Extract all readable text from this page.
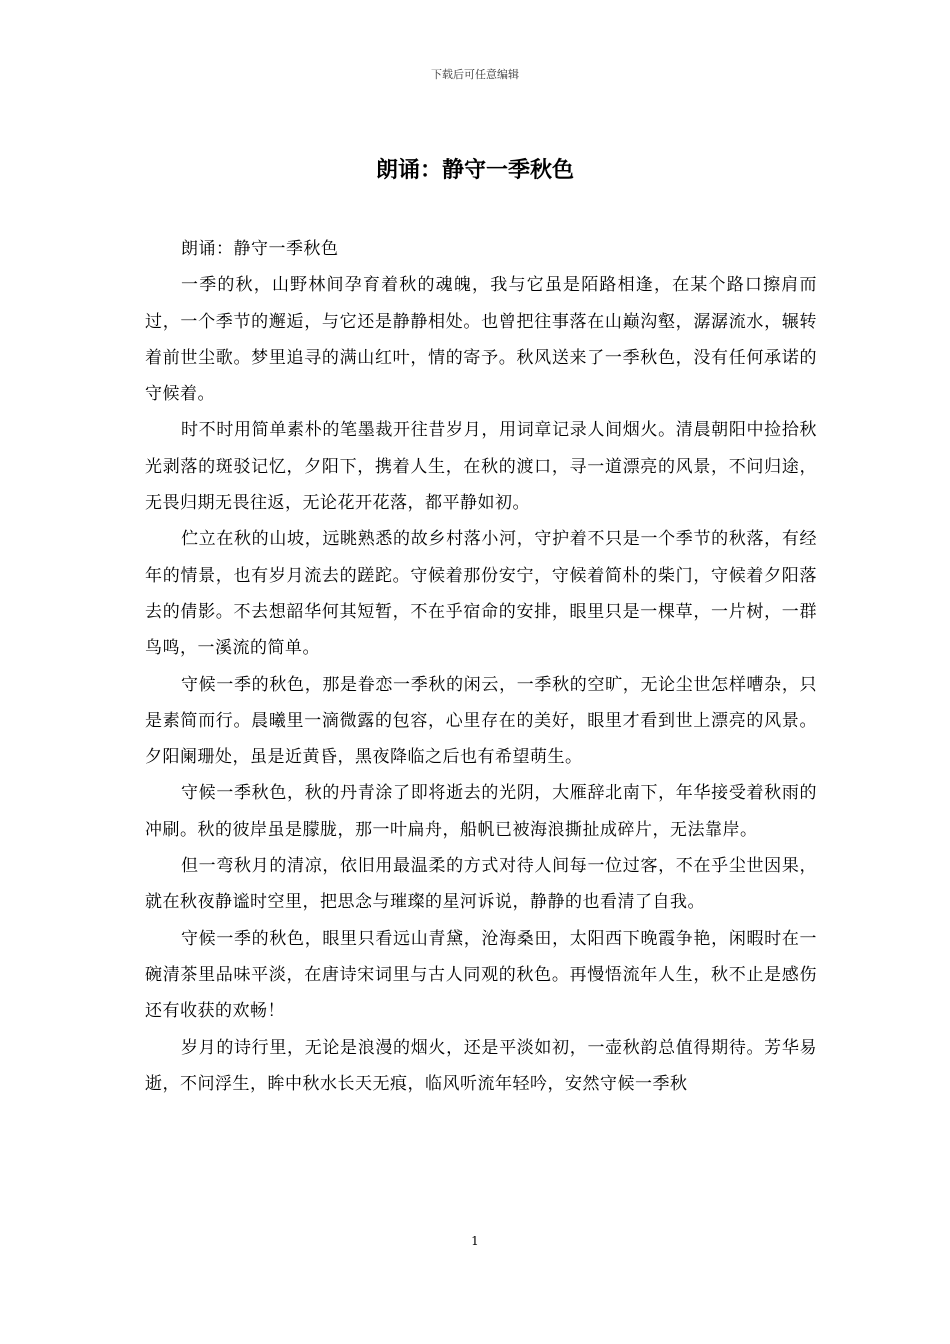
下载后可任意编辑
朗诵：静守一季秋色

朗诵：静守一季秋色

一季的秋，山野林间孕育着秋的魂魄，我与它虽是陌路相逢，在某个路口擦肩而过，一个季节的邂逅，与它还是静静相处。也曾把往事落在山巅沟壑，潺潺流水，辗转着前世尘歌。梦里追寻的满山红叶，情的寄予。秋风送来了一季秋色，没有任何承诺的守候着。

时不时用简单素朴的笔墨裁开往昔岁月，用词章记录人间烟火。清晨朝阳中捡拾秋光剥落的斑驳记忆，夕阳下，携着人生，在秋的渡口，寻一道漂亮的风景，不问归途，无畏归期无畏往返，无论花开花落，都平静如初。

伫立在秋的山坡，远眺熟悉的故乡村落小河，守护着不只是一个季节的秋落，有经年的情景，也有岁月流去的蹉跎。守候着那份安宁，守候着简朴的柴门，守候着夕阳落去的倩影。不去想韶华何其短暂，不在乎宿命的安排，眼里只是一棵草，一片树，一群鸟鸣，一溪流的简单。

守候一季的秋色，那是眷恋一季秋的闲云，一季秋的空旷，无论尘世怎样嘈杂，只是素简而行。晨曦里一滴微露的包容，心里存在的美好，眼里才看到世上漂亮的风景。夕阳阑珊处，虽是近黄昏，黑夜降临之后也有希望萌生。

守候一季秋色，秋的丹青涂了即将逝去的光阴，大雁辞北南下，年华接受着秋雨的冲刷。秋的彼岸虽是朦胧，那一叶扁舟，船帆已被海浪撕扯成碎片，无法靠岸。

但一弯秋月的清凉，依旧用最温柔的方式对待人间每一位过客，不在乎尘世因果，就在秋夜静谧时空里，把思念与璀璨的星河诉说，静静的也看清了自我。

守候一季的秋色，眼里只看远山青黛，沧海桑田，太阳西下晚霞争艳，闲暇时在一碗清茶里品味平淡，在唐诗宋词里与古人同观的秋色。再慢悟流年人生，秋不止是感伤还有收获的欢畅！

岁月的诗行里，无论是浪漫的烟火，还是平淡如初，一壶秋韵总值得期待。芳华易逝，不问浮生，眸中秋水长天无痕，临风听流年轻吟，安然守候一季秋

1
